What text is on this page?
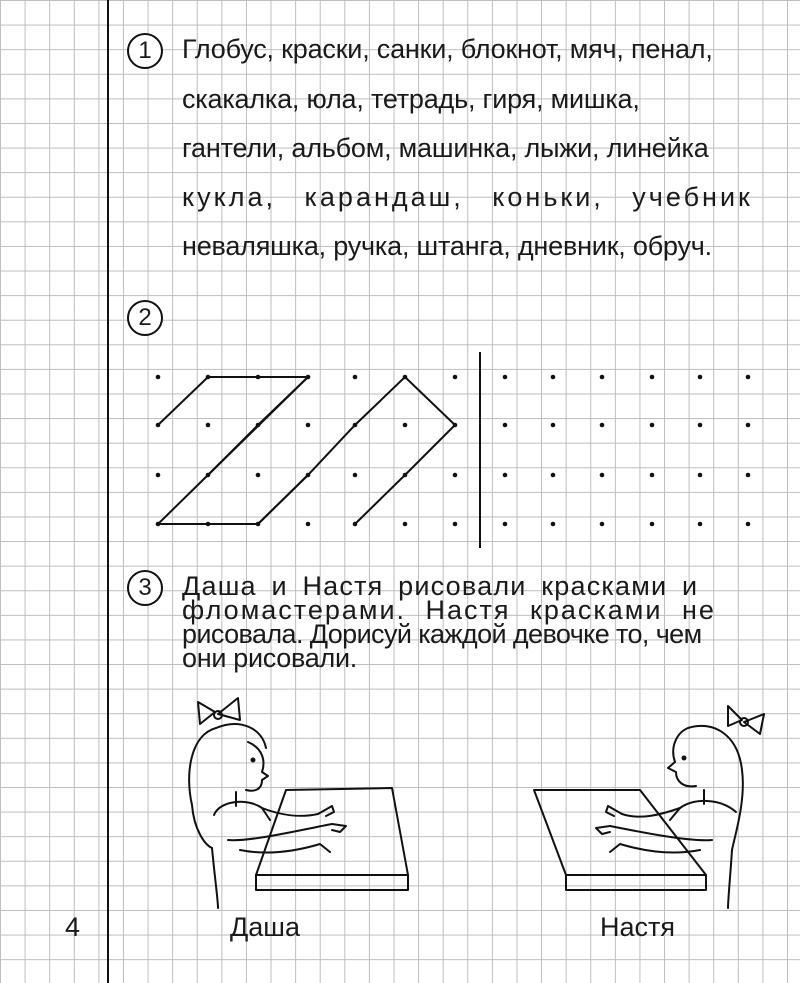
1	Глобус, краски, санки, блокнот, мяч, пенал,
скакалка, юла, тетрадь, гиря, мишка,
гантели, альбом, машинка, лыжи, линейка
кукла, карандаш, коньки, учебник
неваляшка, ручка, штанга, дневник, обруч.
2
3	Даша и Настя рисовали красками и
фломастерами. Настя красками не
рисовала. Дорисуй каждой девочке то, чем
они рисовали.
Даша	Настя
4
